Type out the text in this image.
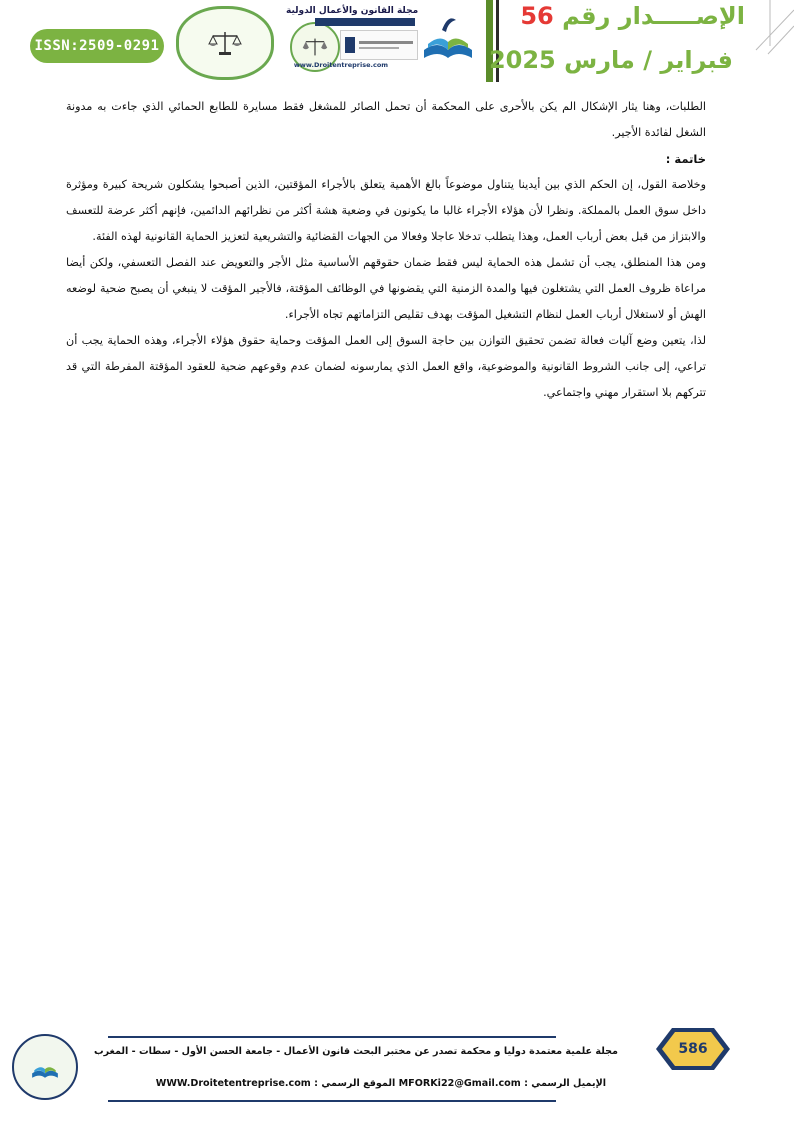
ISSN:2509-0291
مجلة القانون والأعمال الدولية
www.Droitentreprise.com
الإصـــــدار رقم 56
فبراير / مارس 2025

الطلبات، وهنا يثار الإشكال الم يكن بالأحرى على المحكمة أن تحمل الصائر للمشغل فقط مسايرة للطابع الحمائي الذي جاءت به مدونة الشغل لفائدة الأجير.

خاتمة :

وخلاصة القول، إن الحكم الذي بين أيدينا يتناول موضوعاً بالغ الأهمية يتعلق بالأجراء المؤقتين، الذين أصبحوا يشكلون شريحة كبيرة ومؤثرة داخل سوق العمل بالمملكة. ونظرا لأن هؤلاء الأجراء غالبا ما يكونون في وضعية هشة أكثر من نظرائهم الدائمين، فإنهم أكثر عرضة للتعسف والابتزاز من قبل بعض أرباب العمل، وهذا يتطلب تدخلا عاجلا وفعالا من الجهات القضائية والتشريعية لتعزيز الحماية القانونية لهذه الفئة.

ومن هذا المنطلق، يجب أن تشمل هذه الحماية ليس فقط ضمان حقوقهم الأساسية مثل الأجر والتعويض عند الفصل التعسفي، ولكن أيضا مراعاة ظروف العمل التي يشتغلون فيها والمدة الزمنية التي يقضونها في الوظائف المؤقتة، فالأجير المؤقت لا ينبغي أن يصبح ضحية لوضعه الهش أو لاستغلال أرباب العمل لنظام التشغيل المؤقت بهدف تقليص التزاماتهم تجاه الأجراء.

لذا، يتعين وضع آليات فعالة تضمن تحقيق التوازن بين حاجة السوق إلى العمل المؤقت وحماية حقوق هؤلاء الأجراء، وهذه الحماية يجب أن تراعي، إلى جانب الشروط القانونية والموضوعية، واقع العمل الذي يمارسونه لضمان عدم وقوعهم ضحية للعقود المؤقتة المفرطة التي قد تتركهم بلا استقرار مهني واجتماعي.

مجلة علمية معتمدة دوليا و محكمة تصدر عن مختبر البحث قانون الأعمال - جامعة الحسن الأول - سطات - المغرب
الإيميل الرسمي : MFORKi22@Gmail.com الموقع الرسمي : WWW.Droitetentreprise.com
586
